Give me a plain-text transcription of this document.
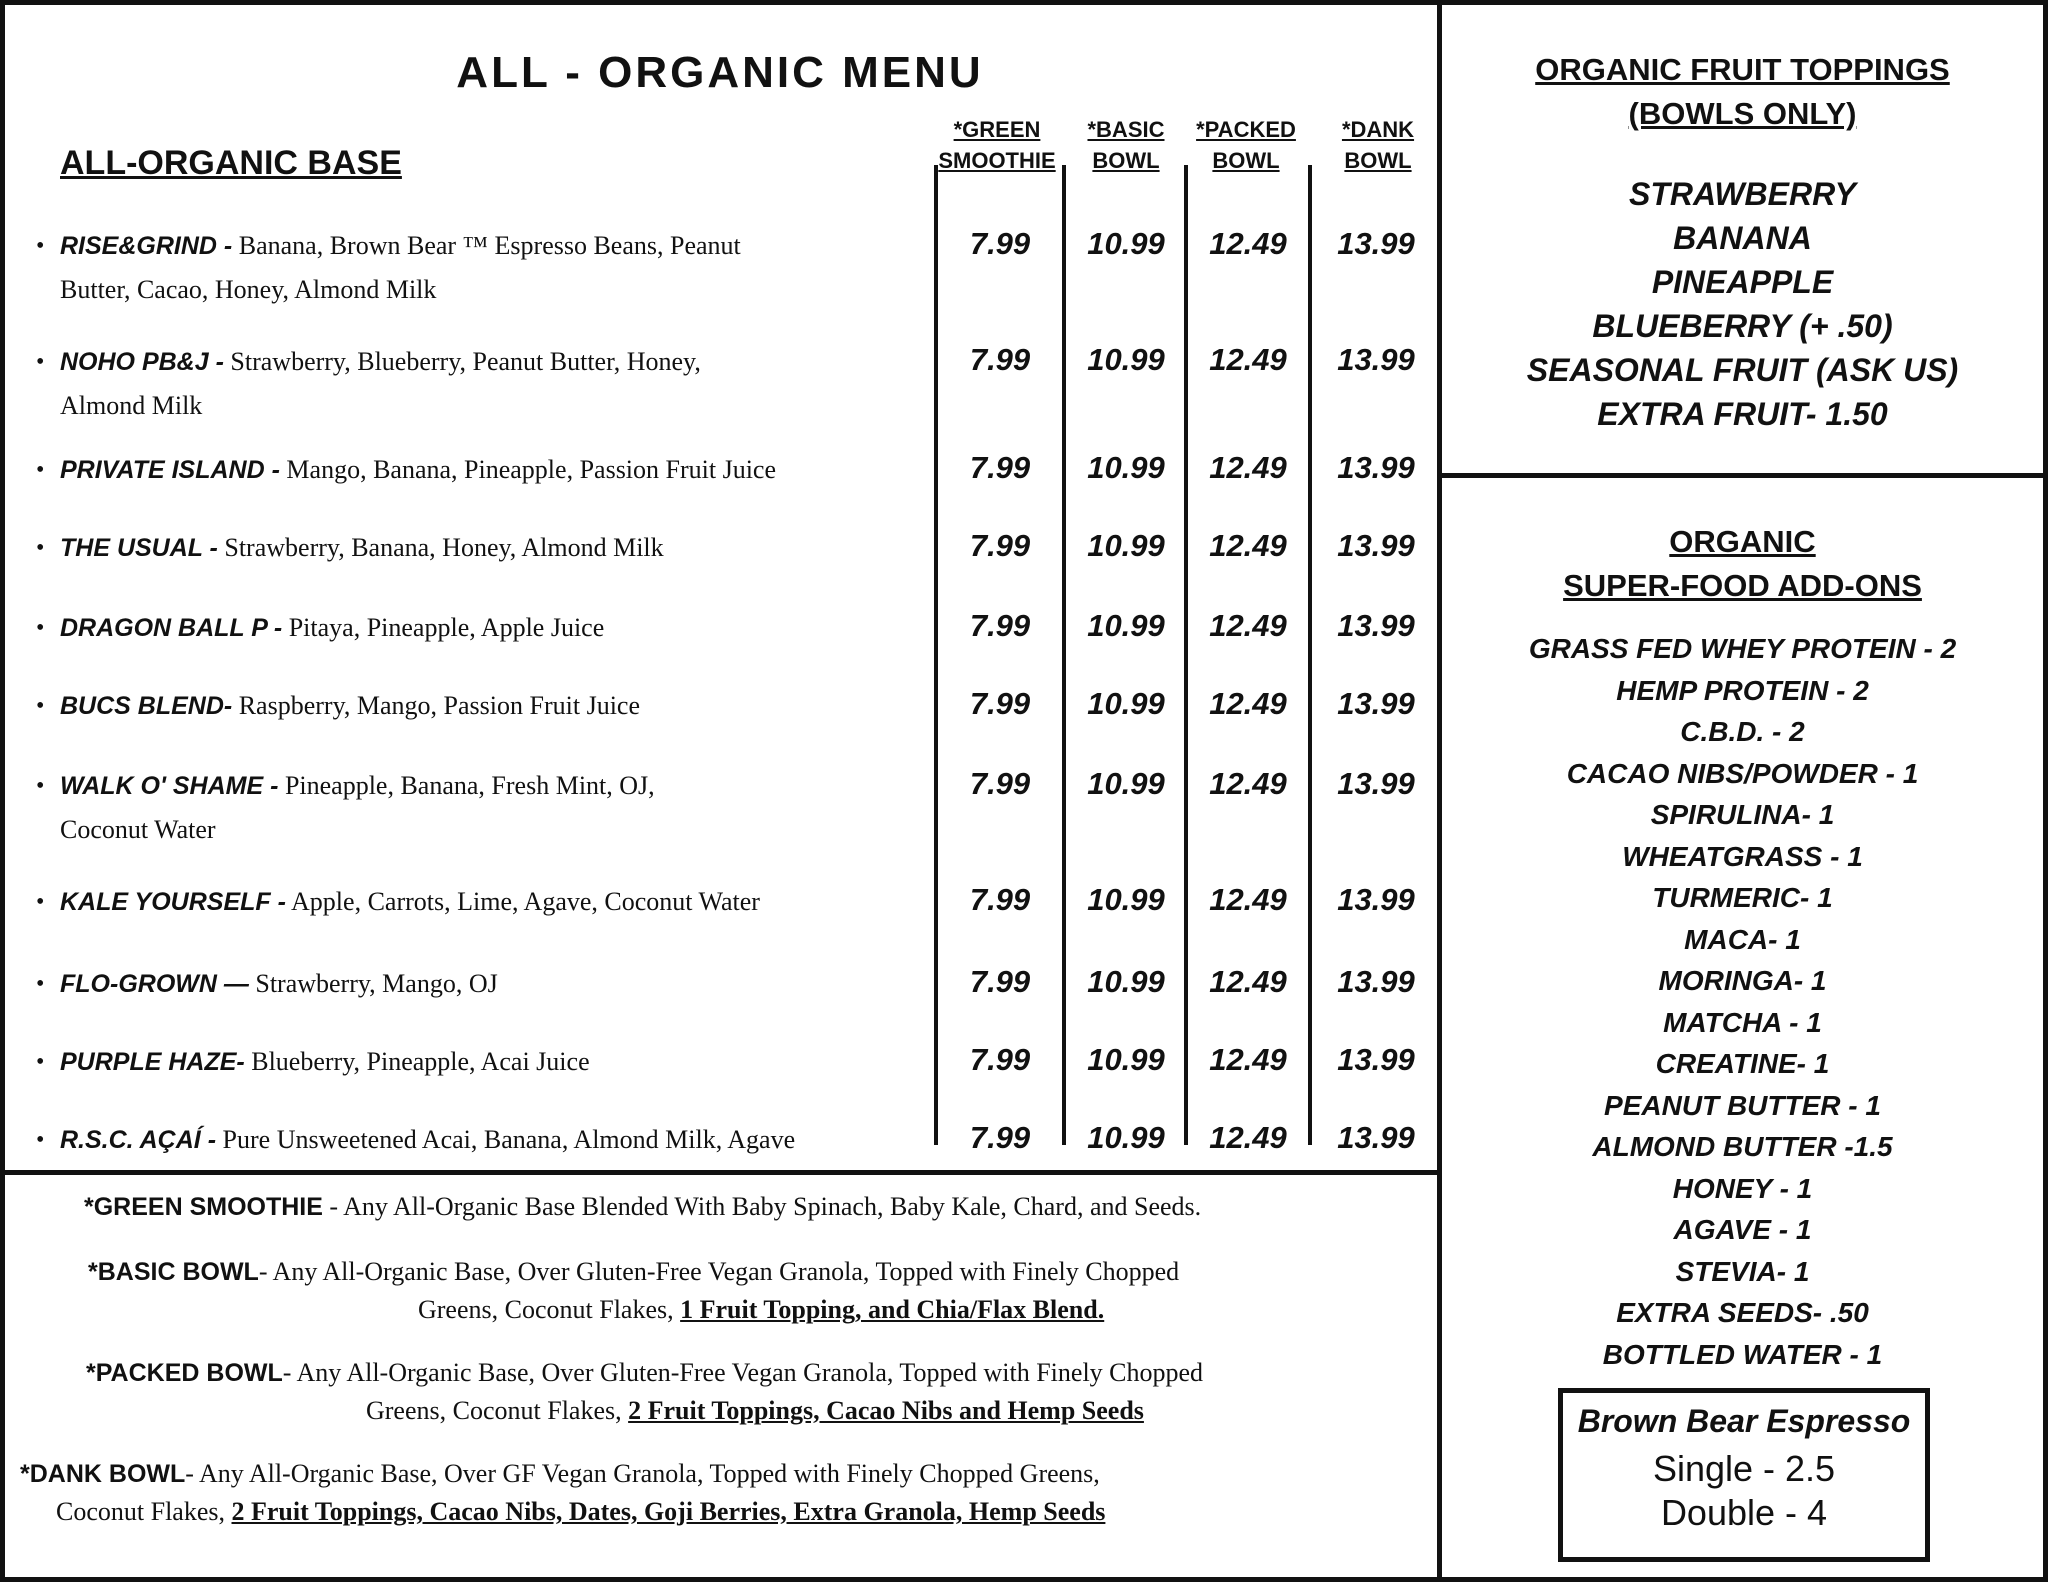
ALL - ORGANIC MENU
ALL-ORGANIC BASE
*GREEN
SMOOTHIE
*BASIC
BOWL
*PACKED
BOWL
*DANK
BOWL
• RISE&GRIND - Banana, Brown Bear ™ Espresso Beans, Peanut
Butter, Cacao, Honey, Almond Milk
7.99	10.99	12.49	13.99
• NOHO PB&J - Strawberry, Blueberry, Peanut Butter, Honey,
Almond Milk
7.99	10.99	12.49	13.99
• PRIVATE ISLAND - Mango, Banana, Pineapple, Passion Fruit Juice	7.99	10.99	12.49	13.99
• THE USUAL - Strawberry, Banana, Honey, Almond Milk	7.99	10.99	12.49	13.99
• DRAGON BALL P - Pitaya, Pineapple, Apple Juice	7.99	10.99	12.49	13.99
• BUCS BLEND- Raspberry, Mango, Passion Fruit Juice	7.99	10.99	12.49	13.99
• WALK O' SHAME - Pineapple, Banana, Fresh Mint, OJ,
Coconut Water
7.99	10.99	12.49	13.99
• KALE YOURSELF - Apple, Carrots, Lime, Agave, Coconut Water	7.99	10.99	12.49	13.99
• FLO-GROWN — Strawberry, Mango, OJ	7.99	10.99	12.49	13.99
• PURPLE HAZE- Blueberry, Pineapple, Acai Juice	7.99	10.99	12.49	13.99
• R.S.C. AÇAÍ - Pure Unsweetened Acai, Banana, Almond Milk, Agave	7.99	10.99	12.49	13.99
*GREEN SMOOTHIE - Any All-Organic Base Blended With Baby Spinach, Baby Kale, Chard, and Seeds.
*BASIC BOWL- Any All-Organic Base, Over Gluten-Free Vegan Granola, Topped with Finely Chopped
Greens, Coconut Flakes, 1 Fruit Topping, and Chia/Flax Blend.
*PACKED BOWL- Any All-Organic Base, Over Gluten-Free Vegan Granola, Topped with Finely Chopped
Greens, Coconut Flakes, 2 Fruit Toppings, Cacao Nibs and Hemp Seeds
*DANK BOWL- Any All-Organic Base, Over GF Vegan Granola, Topped with Finely Chopped Greens,
Coconut Flakes, 2 Fruit Toppings, Cacao Nibs, Dates, Goji Berries, Extra Granola, Hemp Seeds
ORGANIC FRUIT TOPPINGS
(BOWLS ONLY)
STRAWBERRY
BANANA
PINEAPPLE
BLUEBERRY (+ .50)
SEASONAL FRUIT (ASK US)
EXTRA FRUIT- 1.50
ORGANIC
SUPER-FOOD ADD-ONS
GRASS FED WHEY PROTEIN - 2
HEMP PROTEIN - 2
C.B.D. - 2
CACAO NIBS/POWDER - 1
SPIRULINA- 1
WHEATGRASS - 1
TURMERIC- 1
MACA- 1
MORINGA- 1
MATCHA - 1
CREATINE- 1
PEANUT BUTTER - 1
ALMOND BUTTER -1.5
HONEY - 1
AGAVE - 1
STEVIA- 1
EXTRA SEEDS- .50
BOTTLED WATER - 1
Brown Bear Espresso
Single - 2.5
Double - 4
